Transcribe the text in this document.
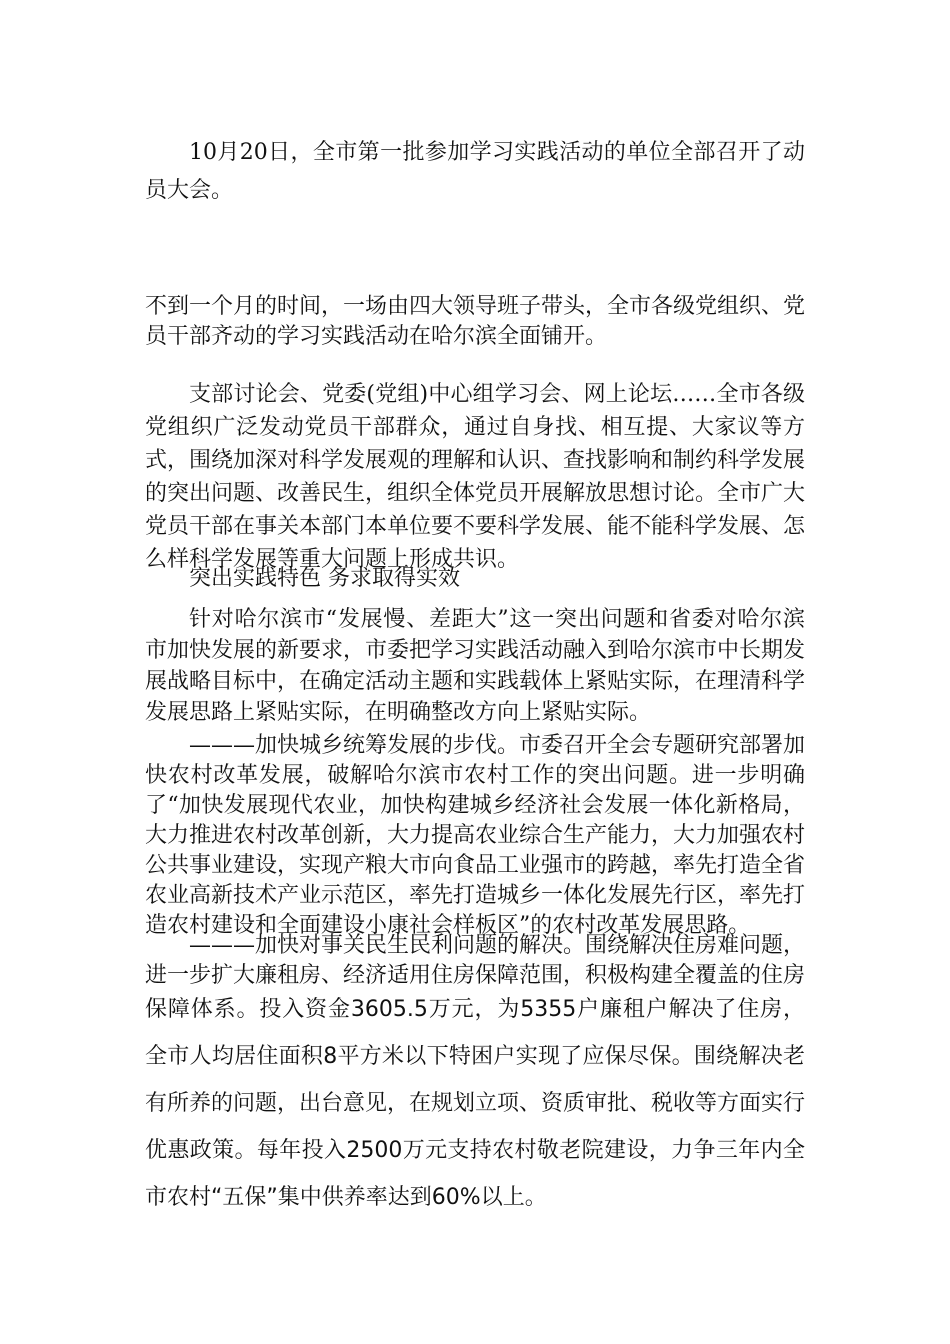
10月20日，全市第一批参加学习实践活动的单位全部召开了动员大会。

不到一个月的时间，一场由四大领导班子带头，全市各级党组织、党员干部齐动的学习实践活动在哈尔滨全面铺开。

支部讨论会、党委(党组)中心组学习会、网上论坛……全市各级党组织广泛发动党员干部群众，通过自身找、相互提、大家议等方式，围绕加深对科学发展观的理解和认识、查找影响和制约科学发展的突出问题、改善民生，组织全体党员开展解放思想讨论。全市广大党员干部在事关本部门本单位要不要科学发展、能不能科学发展、怎么样科学发展等重大问题上形成共识。

突出实践特色 务求取得实效

针对哈尔滨市“发展慢、差距大”这一突出问题和省委对哈尔滨市加快发展的新要求，市委把学习实践活动融入到哈尔滨市中长期发展战略目标中，在确定活动主题和实践载体上紧贴实际，在理清科学发展思路上紧贴实际，在明确整改方向上紧贴实际。

———加快城乡统筹发展的步伐。市委召开全会专题研究部署加快农村改革发展，破解哈尔滨市农村工作的突出问题。进一步明确了“加快发展现代农业，加快构建城乡经济社会发展一体化新格局，大力推进农村改革创新，大力提高农业综合生产能力，大力加强农村公共事业建设，实现产粮大市向食品工业强市的跨越，率先打造全省农业高新技术产业示范区，率先打造城乡一体化发展先行区，率先打造农村建设和全面建设小康社会样板区”的农村改革发展思路。

———加快对事关民生民利问题的解决。围绕解决住房难问题，进一步扩大廉租房、经济适用住房保障范围，积极构建全覆盖的住房

保障体系。投入资金3605.5万元，为5355户廉租户解决了住房，全市人均居住面积8平方米以下特困户实现了应保尽保。围绕解决老有所养的问题，出台意见，在规划立项、资质审批、税收等方面实行优惠政策。每年投入2500万元支持农村敬老院建设，力争三年内全市农村“五保”集中供养率达到60%以上。
